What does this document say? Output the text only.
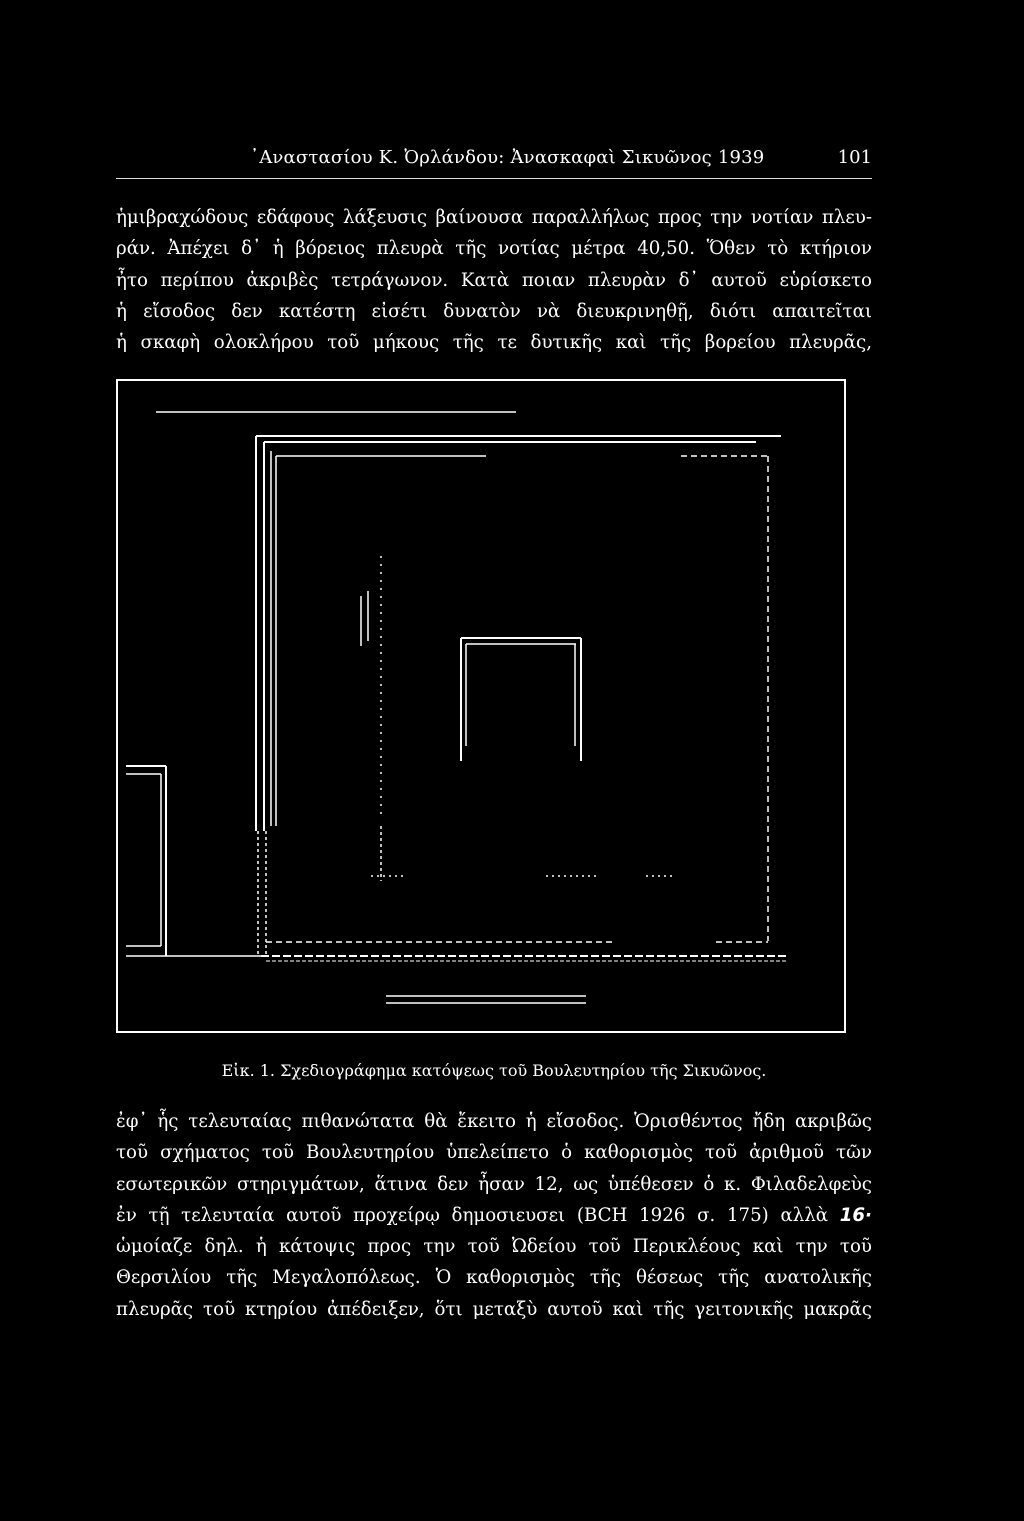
᾿Αναστασίου Κ. Ὀρλάνδου: Ἀνασκαφαὶ Σικυῶνος 1939	101
ἡμιβραχώδους εδάφους λάξευσις βαίνουσα παραλλήλως προς την νοτίαν πλευ-
ράν. Ἀπέχει δ᾿ ἡ βόρειος πλευρὰ τῆς νοτίας μέτρα 40,50. Ὅθεν τὸ κτήριον
ἦτο περίπου ἀκριβὲς τετράγωνον. Κατὰ ποιαν πλευρὰν δ᾿ αυτοῦ εὑρίσκετο
ἡ εἴσοδος δεν κατέστη εἰσέτι δυνατὸν νὰ διευκρινηθῇ, διότι απαιτεῖται
ἡ σκαφὴ ολοκλήρου τοῦ μήκους τῆς τε δυτικῆς καὶ τῆς βορείου πλευρᾶς,
Εἰκ. 1. Σχεδιογράφημα κατόψεως τοῦ Βουλευτηρίου τῆς Σικυῶνος.
ἐφ᾿ ἧς τελευταίας πιθανώτατα θὰ ἔκειτο ἡ εἴσοδος. Ὁρισθέντος ἤδη ακριβῶς
τοῦ σχήματος τοῦ Βουλευτηρίου ὑπελείπετο ὁ καθορισμὸς τοῦ ἀριθμοῦ τῶν
εσωτερικῶν στηριγμάτων, ἅτινα δεν ἦσαν 12, ως ὑπέθεσεν ὁ κ. Φιλαδελφεὺς
ἐν τῇ τελευταία αυτοῦ προχείρῳ δημοσιευσει (BCH 1926 σ. 175) αλλὰ 16·
ὡμοίαζε δηλ. ἡ κάτοψις προς την τοῦ Ὠδείου τοῦ Περικλέους καὶ την τοῦ
Θερσιλίου τῆς Μεγαλοπόλεως. Ὁ καθορισμὸς τῆς θέσεως τῆς ανατολικῆς
πλευρᾶς τοῦ κτηρίου ἀπέδειξεν, ὅτι μεταξὺ αυτοῦ καὶ τῆς γειτονικῆς μακρᾶς
